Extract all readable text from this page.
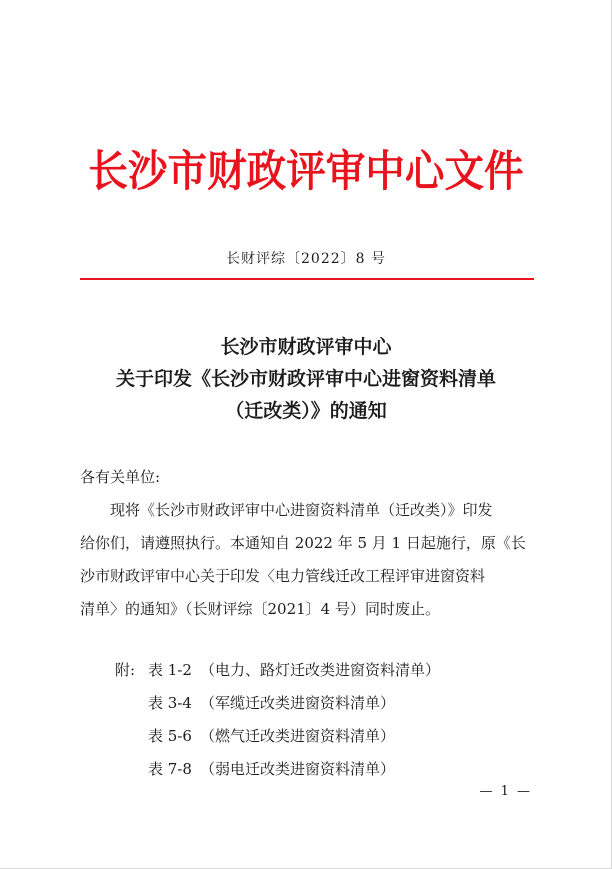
长沙市财政评审中心文件
长财评综〔2022〕8 号
长沙市财政评审中心
关于印发《长沙市财政评审中心进窗资料清单
（迁改类）》的通知
各有关单位:
现将《长沙市财政评审中心进窗资料清单（迁改类）》印发
给你们，请遵照执行。本通知自 2022 年 5 月 1 日起施行，原《长
沙市财政评审中心关于印发〈电力管线迁改工程评审进窗资料
清单〉的通知》（长财评综〔2021〕4 号）同时废止。
附: 表 1-2 （电力、路灯迁改类进窗资料清单）
表 3-4 （军缆迁改类进窗资料清单）
表 5-6 （燃气迁改类进窗资料清单）
表 7-8 （弱电迁改类进窗资料清单）
— 1 —
